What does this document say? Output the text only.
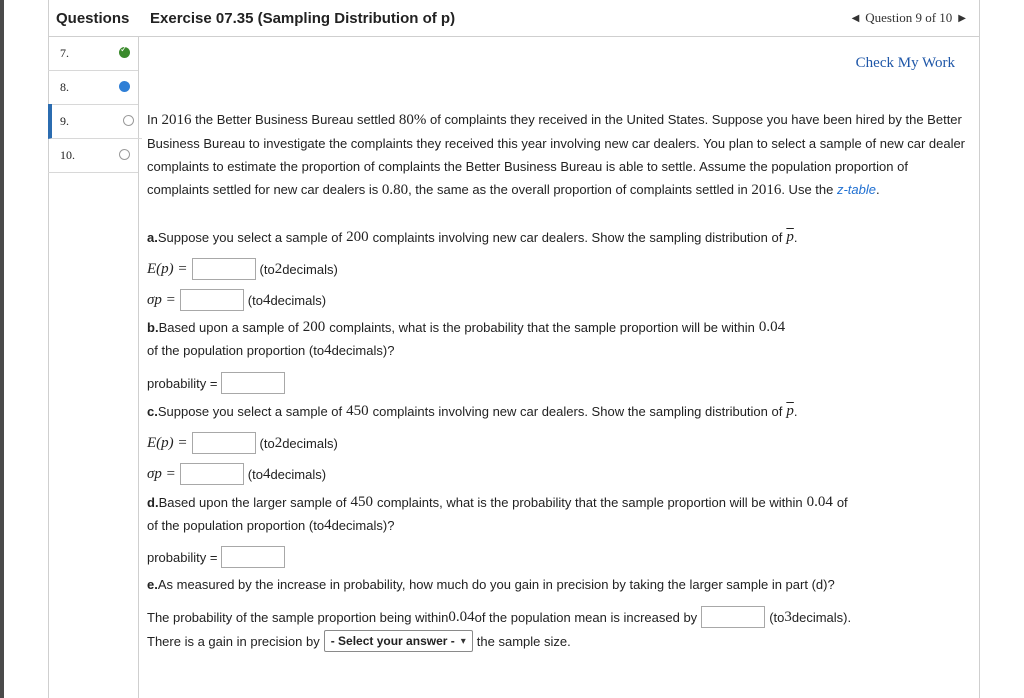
Questions Exercise 07.35 (Sampling Distribution of p)	◀ Question 9 of 10 ▶
7.
✓
8.
9.
10.
Check My Work

In 2016 the Better Business Bureau settled 80% of complaints they received in the United States. Suppose you have been hired by the Better Business Bureau to investigate the complaints they received this year involving new car dealers. You plan to select a sample of new car dealer complaints to estimate the proportion of complaints the Better Business Bureau is able to settle. Assume the population proportion of complaints settled for new car dealers is 0.80, the same as the overall proportion of complaints settled in 2016. Use the z-table.

a. Suppose you select a sample of 200 complaints involving new car dealers. Show the sampling distribution of $\overline{p}$ .
E(p) =	(to 2 decimals)
σp =	(to 4 decimals)
b. Based upon a sample of 200 complaints, what is the probability that the sample proportion will be within 0.04
of the population proportion (to 4 decimals)?
probability =
c. Suppose you select a sample of 450 complaints involving new car dealers. Show the sampling distribution of $\overline{p}$ .
E(p) =	(to 2 decimals)
σp =	(to 4 decimals)
d. Based upon the larger sample of 450 complaints, what is the probability that the sample proportion will be within 0.04 of
of the population proportion (to 4 decimals)?
probability =
e. As measured by the increase in probability, how much do you gain in precision by taking the larger sample in part (d)?
The probability of the sample proportion being within 0.04 of the population mean is increased by	(to 3 decimals).
There is a gain in precision by - Select your answer - ▾ the sample size.
